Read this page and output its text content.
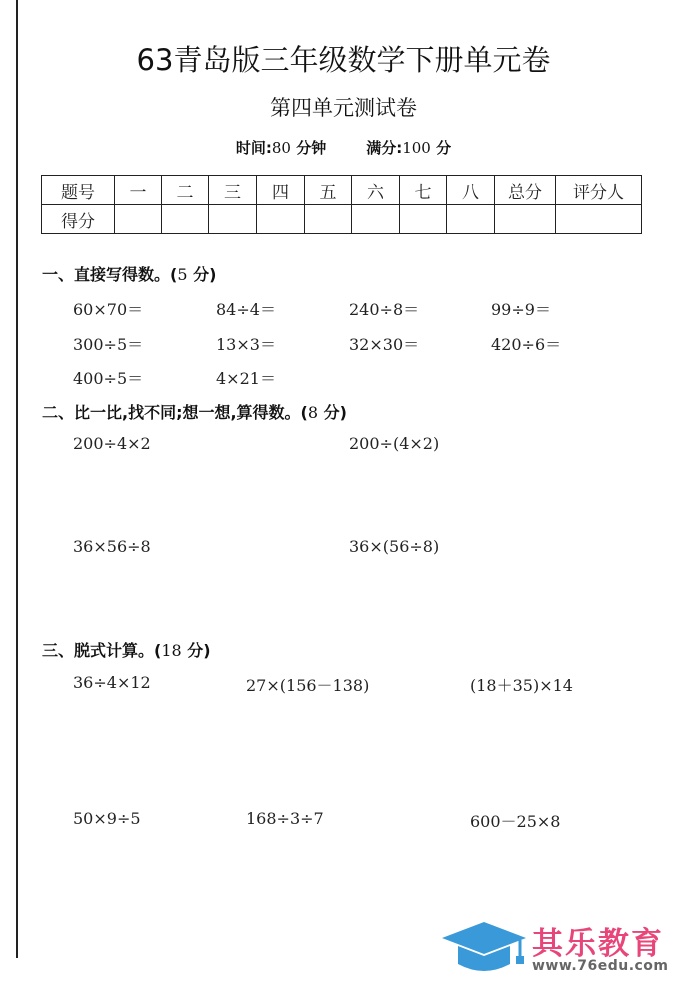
63青岛版三年级数学下册单元卷
第四单元测试卷
时间:80 分钟	满分:100 分
题号	一	二	三	四	五	六	七	八	总分	评分人
得分										
一、直接写得数。(5 分)
60×70＝	84÷4＝	240÷8＝	99÷9＝
300÷5＝	13×3＝	32×30＝	420÷6＝
400÷5＝	4×21＝
二、比一比,找不同;想一想,算得数。(8 分)
200÷4×2	200÷(4×2)
36×56÷8	36×(56÷8)
三、脱式计算。(18 分)
36÷4×12	27×(156－138)	(18＋35)×14
50×9÷5	168÷3÷7	600－25×8
其乐教育
www.76edu.com
